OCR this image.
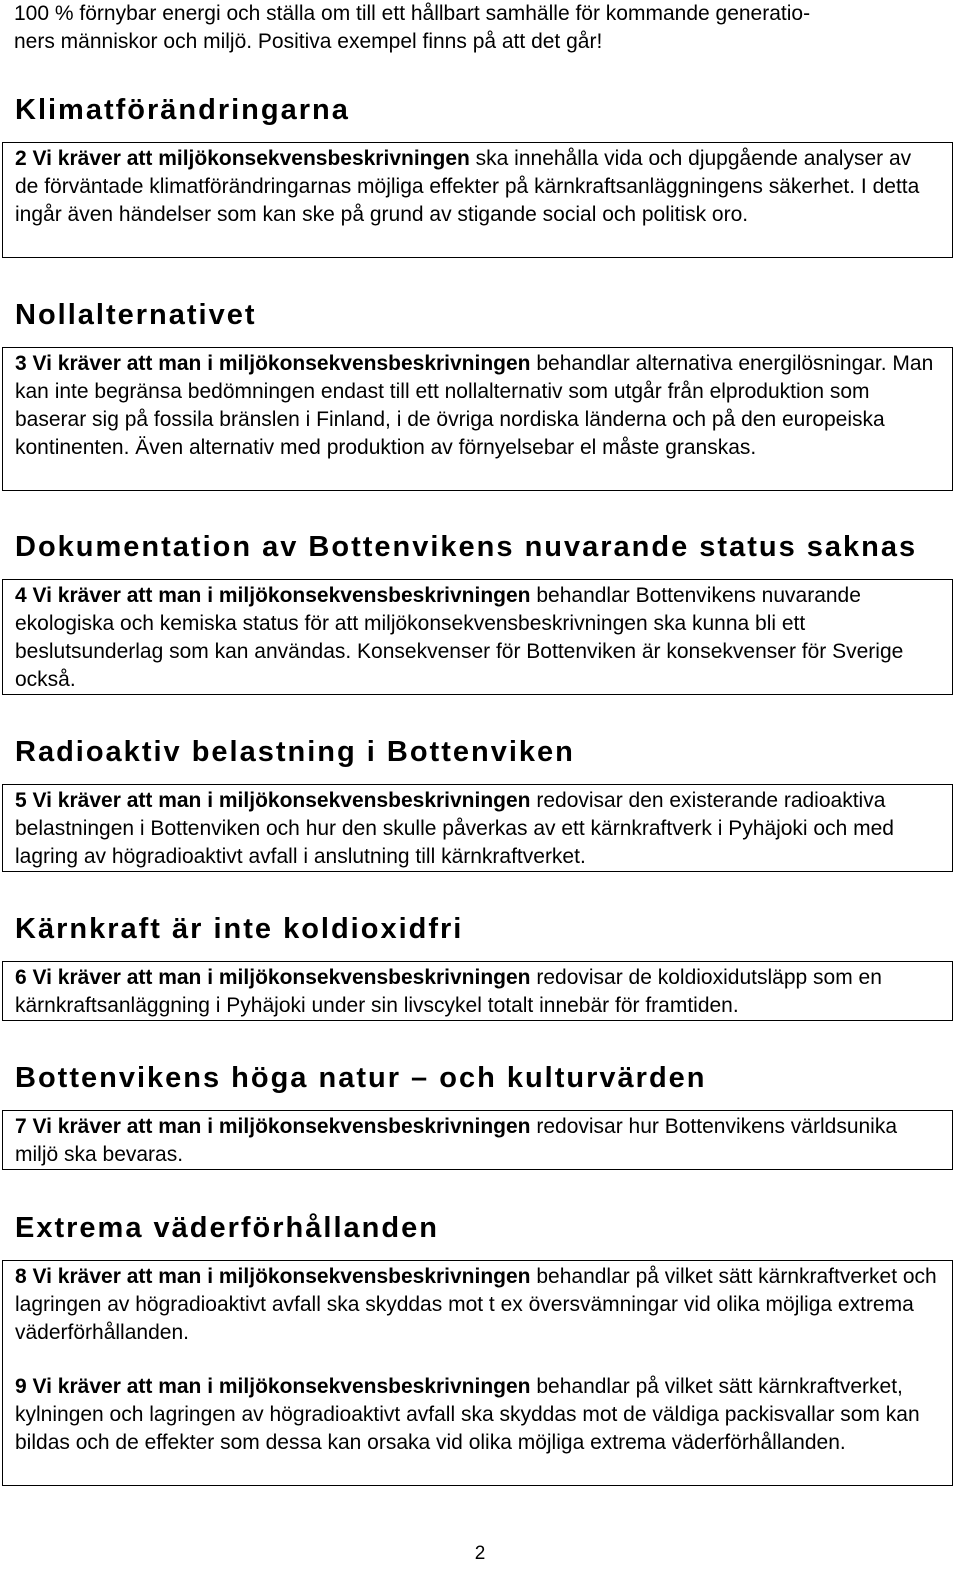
100 % förnybar energi och ställa om till ett hållbart samhälle för kommande generatio-
ners människor och miljö. Positiva exempel finns på att det går!
Klimatförändringarna
2 Vi kräver att miljökonsekvensbeskrivningen ska innehålla vida och djupgående analyser av de förväntade klimatförändringarnas möjliga effekter på kärnkraftsanläggningens säkerhet. I detta ingår även händelser som kan ske på grund av stigande social och politisk oro.
Nollalternativet
3 Vi kräver att man i miljökonsekvensbeskrivningen behandlar alternativa energilösningar. Man kan inte begränsa bedömningen endast till ett nollalternativ som utgår från elproduktion som baserar sig på fossila bränslen i Finland, i de övriga nordiska länderna och på den europeiska kontinenten. Även alternativ med produktion av förnyelsebar el måste granskas.
Dokumentation av Bottenvikens nuvarande status saknas
4 Vi kräver att man i miljökonsekvensbeskrivningen behandlar Bottenvikens nuvarande ekologiska och kemiska status för att miljökonsekvensbeskrivningen ska kunna bli ett beslutsunderlag som kan användas. Konsekvenser för Bottenviken är konsekvenser för Sverige också.
Radioaktiv belastning i Bottenviken
5 Vi kräver att man i miljökonsekvensbeskrivningen redovisar den existerande radioaktiva belastningen i Bottenviken och hur den skulle påverkas av ett kärnkraftverk i Pyhäjoki och med lagring av högradioaktivt avfall i anslutning till kärnkraftverket.
Kärnkraft är inte koldioxidfri
6 Vi kräver att man i miljökonsekvensbeskrivningen redovisar de koldioxidutsläpp som en kärnkraftsanläggning i Pyhäjoki under sin livscykel totalt innebär för framtiden.
Bottenvikens höga natur – och kulturvärden
7 Vi kräver att man i miljökonsekvensbeskrivningen redovisar hur Bottenvikens världsunika miljö ska bevaras.
Extrema väderförhållanden
8 Vi kräver att man i miljökonsekvensbeskrivningen behandlar på vilket sätt kärnkraftverket och lagringen av högradioaktivt avfall ska skyddas mot t ex översvämningar vid olika möjliga extrema väderförhållanden.
9 Vi kräver att man i miljökonsekvensbeskrivningen behandlar på vilket sätt kärnkraftverket, kylningen och lagringen av högradioaktivt avfall ska skyddas mot de väldiga packisvallar som kan bildas och de effekter som dessa kan orsaka vid olika möjliga extrema väderförhållanden.
2
